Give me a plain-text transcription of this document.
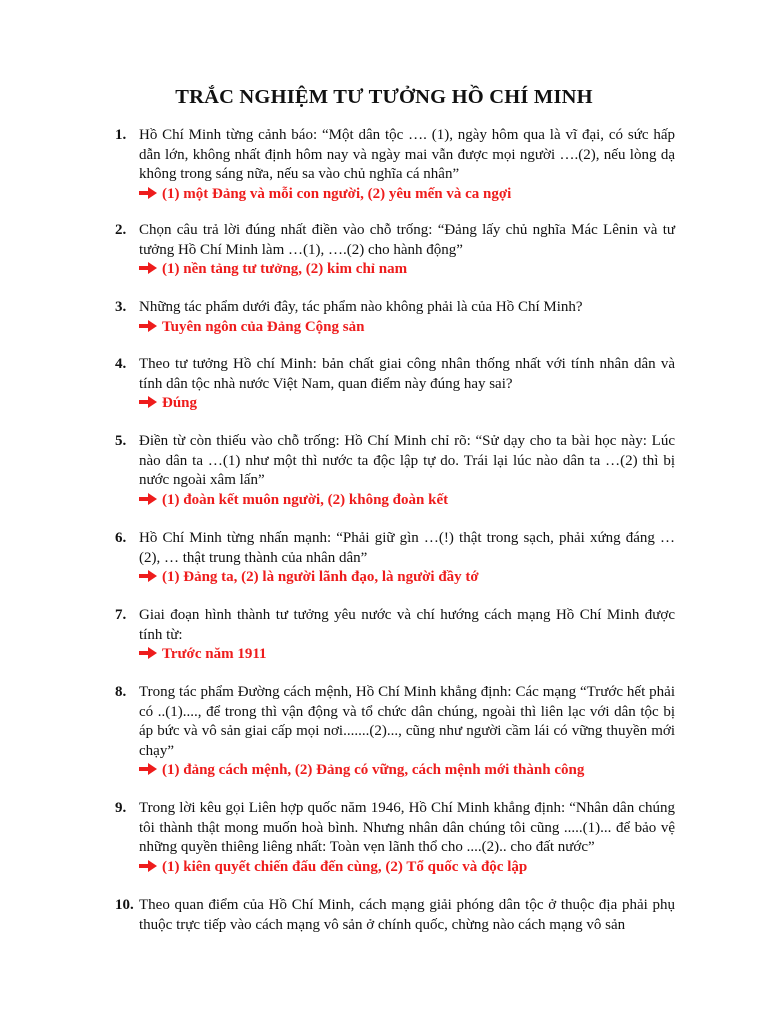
TRẮC NGHIỆM TƯ TƯỞNG HỒ CHÍ MINH
1. Hồ Chí Minh từng cảnh báo: “Một dân tộc …. (1), ngày hôm qua là vĩ đại, có sức hấp dẫn lớn, không nhất định hôm nay và ngày mai vẫn được mọi người ….(2), nếu lòng dạ không trong sáng nữa, nếu sa vào chủ nghĩa cá nhân”
(1) một Đảng và mỗi con người, (2) yêu mến và ca ngợi
2. Chọn câu trả lời đúng nhất điền vào chỗ trống: “Đảng lấy chủ nghĩa Mác Lênin và tư tưởng Hồ Chí Minh làm …(1), ….(2) cho hành động”
(1) nền tảng tư tưởng, (2) kim chỉ nam
3. Những tác phẩm dưới đây, tác phẩm nào không phải là của Hồ Chí Minh?
Tuyên ngôn của Đảng Cộng sản
4. Theo tư tưởng Hồ chí Minh: bản chất giai công nhân thống nhất với tính nhân dân và tính dân tộc nhà nước Việt Nam, quan điểm này đúng hay sai?
Đúng
5. Điền từ còn thiếu vào chỗ trống: Hồ Chí Minh chỉ rõ: “Sử dạy cho ta bài học này: Lúc nào dân ta …(1) như một thì nước ta độc lập tự do. Trái lại lúc nào dân ta …(2) thì bị nước ngoài xâm lấn”
(1) đoàn kết muôn người, (2) không đoàn kết
6. Hồ Chí Minh từng nhấn mạnh: “Phải giữ gìn …(!) thật trong sạch, phải xứng đáng … (2), … thật trung thành của nhân dân”
(1) Đảng ta, (2) là người lãnh đạo, là người đầy tớ
7. Giai đoạn hình thành tư tưởng yêu nước và chí hướng cách mạng Hồ Chí Minh được tính từ:
Trước năm 1911
8. Trong tác phẩm Đường cách mệnh, Hồ Chí Minh khẳng định: Các mạng “Trước hết phải có ..(1)...., để trong thì vận động và tổ chức dân chúng, ngoài thì liên lạc với dân tộc bị áp bức và vô sản giai cấp mọi nơi.......(2)..., cũng như người cầm lái có vững thuyền mới chạy”
(1) đảng cách mệnh, (2) Đảng có vững, cách mệnh mới thành công
9. Trong lời kêu gọi Liên hợp quốc năm 1946, Hồ Chí Minh khẳng định: “Nhân dân chúng tôi thành thật mong muốn hoà bình. Nhưng nhân dân chúng tôi cũng .....(1)... để bảo vệ những quyền thiêng liêng nhất: Toàn vẹn lãnh thổ cho ....(2).. cho đất nước”
(1) kiên quyết chiến đấu đến cùng, (2) Tổ quốc và độc lập
10. Theo quan điểm của Hồ Chí Minh, cách mạng giải phóng dân tộc ở thuộc địa phải phụ thuộc trực tiếp vào cách mạng vô sản ở chính quốc, chừng nào cách mạng vô sản
